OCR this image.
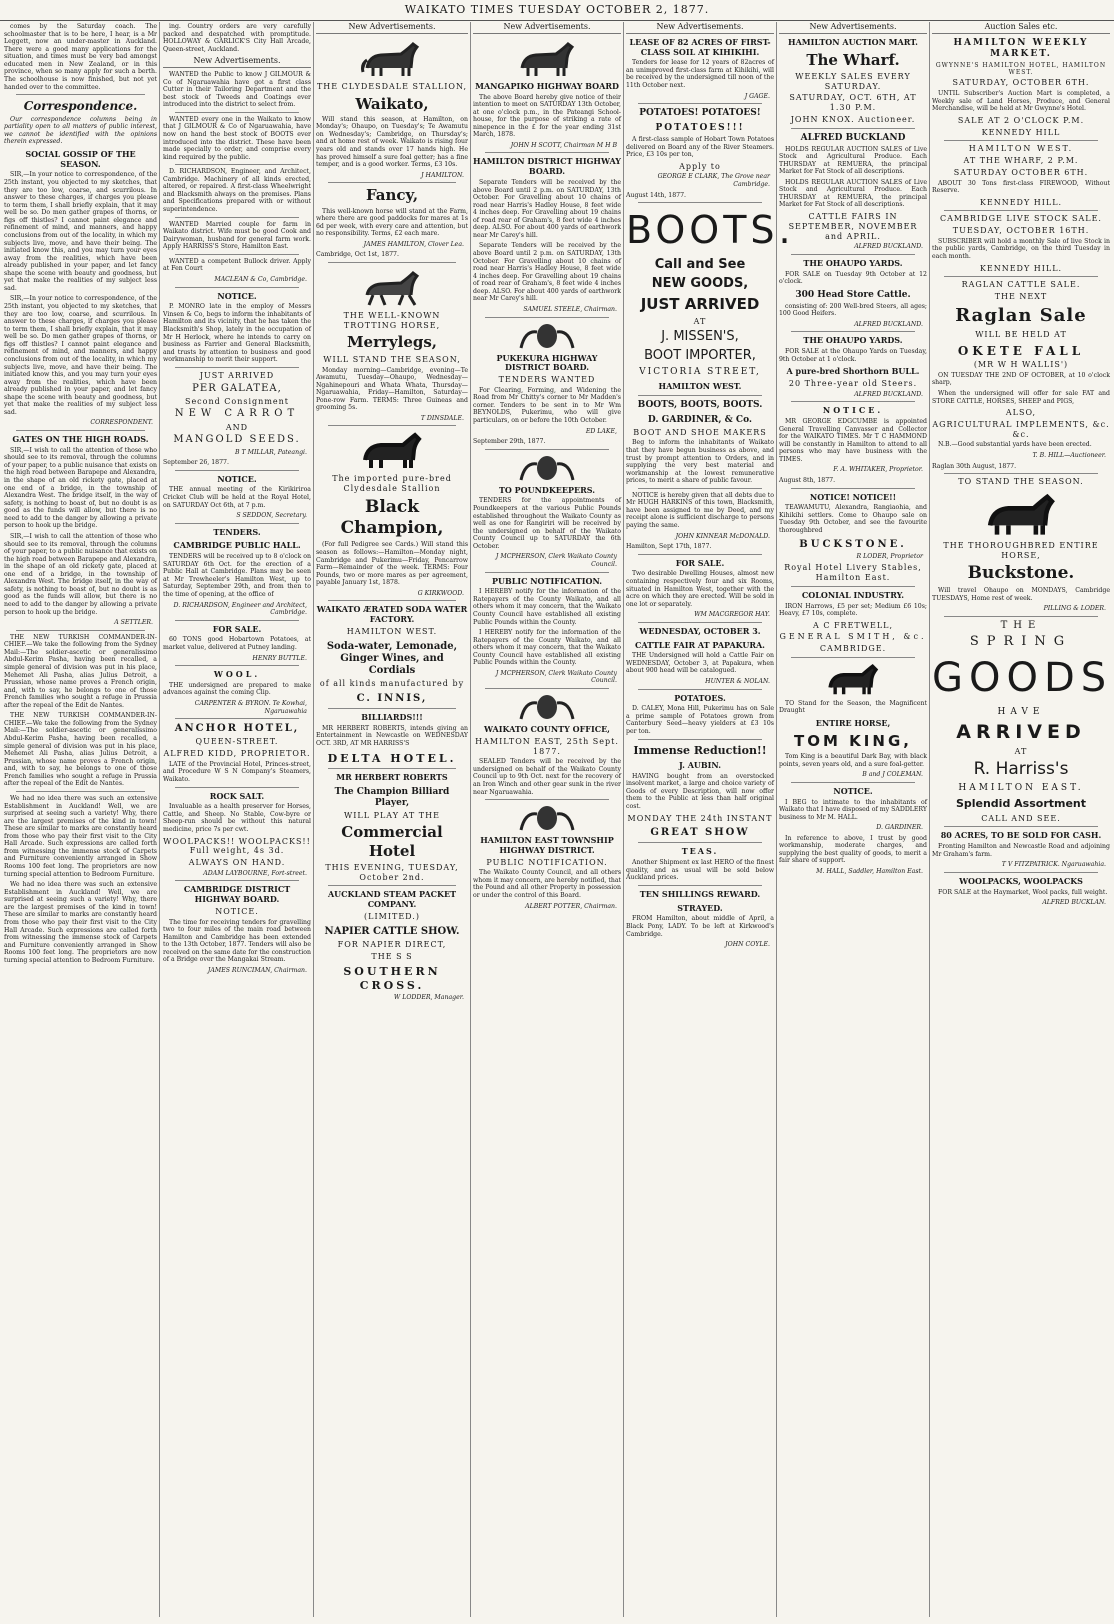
WAIKATO TIMES TUESDAY OCTOBER 2, 1877.

comes by the Saturday coach. The schoolmaster that is to be here, I hear, is a Mr Leggett, now an under-master in Auckland. There were a good many applications for the situation, and times must be very bad amongst educated men in New Zealand, or in this province, when so many apply for such a berth. The schoolhouse is now finished, but not yet handed over to the committee.

Correspondence.

Our correspondence columns being in partiality open to all matters of public interest, we cannot be identified with the opinions therein expressed.

SOCIAL GOSSIP OF THE SEASON.

SIR,—In your notice to correspondence, of the 25th instant, you objected to my sketches, that they are too low, coarse, and scurrilous. In answer to these charges, if charges you please to term them, I shall briefly explain, that it may well be so. Do men gather grapes of thorns, or figs off thistles? I cannot paint elegance and refinement of mind, and manners, and happy conclusions from out of the locality, in which my subjects live, move, and have their being. The initiated know this, and you may turn your eyes away from the realities, which have been already published in your paper, and let fancy shape the scene with beauty and goodness, but yet that make the realities of my subject less sad.

SIR,—In your notice to correspondence, of the 25th instant, you objected to my sketches, that they are too low, coarse, and scurrilous. In answer to these charges, if charges you please to term them, I shall briefly explain, that it may well be so. Do men gather grapes of thorns, or figs off thistles? I cannot paint elegance and refinement of mind, and manners, and happy conclusions from out of the locality, in which my subjects live, move, and have their being. The initiated know this, and you may turn your eyes away from the realities, which have been already published in your paper, and let fancy shape the scene with beauty and goodness, but yet that make the realities of my subject less sad.

CORRESPONDENT.
GATES ON THE HIGH ROADS.

SIR,—I wish to call the attention of those who should see to its removal, through the columns of your paper, to a public nuisance that exists on the high road between Barapepe and Alexandra, in the shape of an old rickety gate, placed at one end of a bridge, in the township of Alexandra West. The bridge itself, in the way of safety, is nothing to boast of, but no doubt is as good as the funds will allow, but there is no need to add to the danger by allowing a private person to hook up the bridge.

SIR,—I wish to call the attention of those who should see to its removal, through the columns of your paper, to a public nuisance that exists on the high road between Barapepe and Alexandra, in the shape of an old rickety gate, placed at one end of a bridge, in the township of Alexandra West. The bridge itself, in the way of safety, is nothing to boast of, but no doubt is as good as the funds will allow, but there is no need to add to the danger by allowing a private person to hook up the bridge.

A SETTLER.

THE NEW TURKISH COMMANDER-IN-CHIEF.—We take the following from the Sydney Mail:—The soldier-ascetic or generalissimo Abdul-Kerim Pasha, having been recalled, a simple general of division was put in his place, Mehemet Ali Pasha, alias Julius Detroit, a Prussian, whose name proves a French origin, and, with to say, he belongs to one of those French families who sought a refuge in Prussia after the repeal of the Edit de Nantes.

THE NEW TURKISH COMMANDER-IN-CHIEF.—We take the following from the Sydney Mail:—The soldier-ascetic or generalissimo Abdul-Kerim Pasha, having been recalled, a simple general of division was put in his place, Mehemet Ali Pasha, alias Julius Detroit, a Prussian, whose name proves a French origin, and, with to say, he belongs to one of those French families who sought a refuge in Prussia after the repeal of the Edit de Nantes.

We had no idea there was such an extensive Establishment in Auckland! Well, we are surprised at seeing such a variety! Why, there are the largest premises of the kind in town! These are similar to marks are constantly heard from those who pay their first visit to the City Hall Arcade. Such expressions are called forth from witnessing the immense stock of Carpets and Furniture conveniently arranged in Show Rooms 100 feet long. The proprietors are now turning special attention to Bedroom Furniture.

We had no idea there was such an extensive Establishment in Auckland! Well, we are surprised at seeing such a variety! Why, there are the largest premises of the kind in town! These are similar to marks are constantly heard from those who pay their first visit to the City Hall Arcade. Such expressions are called forth from witnessing the immense stock of Carpets and Furniture conveniently arranged in Show Rooms 100 feet long. The proprietors are now turning special attention to Bedroom Furniture.

ing. Country orders are very carefully packed and despatched with promptitude. HOLLOWAY & GARLICK'S City Hall Arcade, Queen-street, Auckland.

New Advertisements.

WANTED the Public to know J GILMOUR & Co of Ngaruawahia have got a first class Cutter in their Tailoring Department and the best stock of Tweeds and Coatings ever introduced into the district to select from.

WANTED every one in the Waikato to know that J GILMOUR & Co of Ngaruawahia, have now on hand the best stock of BOOTS ever introduced into the district. These have been made specially to order, and comprise every kind required by the public.

D. RICHARDSON, Engineer, and Architect, Cambridge. Machinery of all kinds erected, altered, or repaired. A first-class Wheelwright and Blacksmith always on the premises. Plans and Specifications prepared with or without superintendence.

WANTED Married couple for farm in Waikato district. Wife must be good Cook and Dairywoman, husband for general farm work. Apply HARRISS'S Store, Hamilton East.

WANTED a competent Bullock driver. Apply at Fen Court

MACLEAN & Co, Cambridge.
NOTICE.

P. MONRO late in the employ of Messrs Vinsen & Co, begs to inform the inhabitants of Hamilton and its vicinity, that he has taken the Blacksmith's Shop, lately in the occupation of Mr H Herlock, where he intends to carry on business as Farrier and General Blacksmith, and trusts by attention to business and good workmanship to merit their support.

JUST ARRIVED
PER GALATEA,
Second Consignment
NEW CARROT
AND
MANGOLD SEEDS.
B T MILLAR, Pateangi.
September 26, 1877.
NOTICE.

THE annual meeting of the Kirikiriroa Cricket Club will be held at the Royal Hotel, on SATURDAY Oct 6th, at 7 p.m.

S SEDDON, Secretary.
TENDERS.
CAMBRIDGE PUBLIC HALL.

TENDERS will be received up to 8 o'clock on SATURDAY 6th Oct. for the erection of a Public Hall at Cambridge. Plans may be seen at Mr Trewheeler's Hamilton West, up to Saturday, September 29th, and from then to the time of opening, at the office of

D. RICHARDSON, Engineer and Architect, Cambridge.
FOR SALE.

60 TONS good Hobartown Potatoes, at market value, delivered at Putney landing.

HENRY BUTTLE.
WOOL.

THE undersigned are prepared to make advances against the coming Clip.

CARPENTER & BYRON. Te Kowhai, Ngaruawahia
ANCHOR HOTEL,
QUEEN-STREET.
ALFRED KIDD, PROPRIETOR.

LATE of the Provincial Hotel, Princes-street, and Procedure W S N Company's Steamers, Waikato.

ROCK SALT.

Invaluable as a health preserver for Horses, Cattle, and Sheep. No Stable, Cow-byre or Sheep-run should be without this natural medicine, price 7s per cwt.

WOOLPACKS!! WOOLPACKS!! Full weight, 4s 3d.
ALWAYS ON HAND.
ADAM LAYBOURNE, Fort-street.
CAMBRIDGE DISTRICT HIGHWAY BOARD.
NOTICE.

The time for receiving tenders for gravelling two to four miles of the main road between Hamilton and Cambridge has been extended to the 13th October, 1877. Tenders will also be received on the same date for the construction of a Bridge over the Mangakai Stream.

JAMES RUNCIMAN, Chairman.
New Advertisements.
THE CLYDESDALE STALLION,
Waikato,

Will stand this season, at Hamilton, on Monday's; Ohaupo, on Tuesday's; Te Awamutu on Wednesday's; Cambridge, on Thursday's; and at home rest of week. Waikato is rising four years old and stands over 17 hands high. He has proved himself a sure foal getter; has a fine temper, and is a good worker. Terms, £3 10s.

J HAMILTON.
Fancy,

This well-known horse will stand at the Farm, where there are good paddocks for mares at 1s 6d per week, with every care and attention, but no responsibility. Terms, £2 each mare.

JAMES HAMILTON, Clover Lea.
Cambridge, Oct 1st, 1877.
THE WELL-KNOWN TROTTING HORSE,
Merrylegs,
WILL STAND THE SEASON,

Monday morning—Cambridge, evening—Te Awamutu, Tuesday—Ohaupo, Wednesday—Ngahinepouri and Whata Whata, Thursday—Ngaruawahia, Friday—Hamilton, Saturday—Pone-row Farm. TERMS: Three Guineas and grooming 5s.

T DINSDALE.
The imported pure-bred Clydesdale Stallion
Black Champion,

(For full Pedigree see Cards.) Will stand this season as follows:—Hamilton—Monday night, Cambridge and Pukerimu—Friday, Pencarrow Farm—Remainder of the week. TERMS: Four Pounds, two or more mares as per agreement, payable January 1st, 1878.

G KIRKWOOD.
WAIKATO ÆRATED SODA WATER FACTORY.
HAMILTON WEST.
Soda-water, Lemonade, Ginger Wines, and Cordials
of all kinds manufactured by
C. INNIS,
BILLIARDS!!!

MR HERBERT ROBERTS, intends giving an Entertainment in Newcastle on WEDNESDAY OCT. 3RD, AT MR HARRISS'S

DELTA HOTEL.
MR HERBERT ROBERTS
The Champion Billiard Player,
WILL PLAY AT THE
Commercial Hotel
THIS EVENING, TUESDAY, October 2nd.
AUCKLAND STEAM PACKET COMPANY.
(LIMITED.)
NAPIER CATTLE SHOW.
FOR NAPIER DIRECT,
THE S S
SOUTHERN CROSS.
W LODDER, Manager.
New Advertisements.
MANGAPIKO HIGHWAY BOARD

The above Board hereby give notice of their intention to meet on SATURDAY 13th October, at one o'clock p.m., in the Pateangi School-house, for the purpose of striking a rate of ninepence in the £ for the year ending 31st March, 1878.

JOHN H SCOTT, Chairman M H B
HAMILTON DISTRICT HIGHWAY BOARD.

Separate Tenders will be received by the above Board until 2 p.m. on SATURDAY, 13th October. For Gravelling about 10 chains of road near Harris's Hadley House, 8 feet wide 4 inches deep. For Gravelling about 19 chains of road rear of Graham's, 8 feet wide 4 inches deep. ALSO. For about 400 yards of earthwork near Mr Carey's hill.

Separate Tenders will be received by the above Board until 2 p.m. on SATURDAY, 13th October. For Gravelling about 10 chains of road near Harris's Hadley House, 8 feet wide 4 inches deep. For Gravelling about 19 chains of road rear of Graham's, 8 feet wide 4 inches deep. ALSO. For about 400 yards of earthwork near Mr Carey's hill.

SAMUEL STEELE, Chairman.
PUKEKURA HIGHWAY DISTRICT BOARD.
TENDERS WANTED

For Clearing, Forming, and Widening the Road from Mr Chitty's corner to Mr Madden's corner. Tenders to be sent in to Mr Wm BEYNOLDS, Pukerimu, who will give particulars, on or before the 10th October.

ED LAKE,
September 29th, 1877.
TO POUNDKEEPERS.

TENDERS for the appointments of Poundkeepers at the various Public Pounds established throughout the Waikato County as well as one for Rangiriri will be received by the undersigned on behalf of the Waikato County Council up to SATURDAY the 6th October.

J MCPHERSON, Clerk Waikato County Council.
PUBLIC NOTIFICATION.

I HEREBY notify for the information of the Ratepayers of the County Waikato, and all others whom it may concern, that the Waikato County Council have established all existing Public Pounds within the County.

I HEREBY notify for the information of the Ratepayers of the County Waikato, and all others whom it may concern, that the Waikato County Council have established all existing Public Pounds within the County.

J MCPHERSON, Clerk Waikato County Council.
WAIKATO COUNTY OFFICE,
HAMILTON EAST, 25th Sept. 1877.

SEALED Tenders will be received by the undersigned on behalf of the Waikato County Council up to 9th Oct. next for the recovery of an Iron Winch and other gear sunk in the river near Ngaruawahia.

HAMILTON EAST TOWNSHIP HIGHWAY DISTRICT.
PUBLIC NOTIFICATION.

The Waikato County Council, and all others whom it may concern, are hereby notified, that the Pound and all other Property in possession or under the control of this Board.

ALBERT POTTER, Chairman.
New Advertisements.
LEASE OF 82 ACRES OF FIRST-CLASS SOIL AT KIHIKIHI.

Tenders for lease for 12 years of 82acres of an unimproved first-class farm at Kihikihi, will be received by the undersigned till noon of the 11th October next.

J GAGE.
POTATOES! POTATOES!
POTATOES!!!

A first-class sample of Hobart Town Potatoes delivered on Board any of the River Steamers. Price, £3 10s per ton,

Apply to
GEORGE E CLARK, The Grove near Cambridge.
August 14th, 1877.
BOOTS.
Call and See
NEW GOODS,
JUST ARRIVED
AT
J. MISSEN'S,
BOOT IMPORTER,
VICTORIA STREET,
HAMILTON WEST.
BOOTS, BOOTS, BOOTS.
D. GARDINER, & Co.
BOOT AND SHOE MAKERS

Beg to inform the inhabitants of Waikato that they have begun business as above, and trust by prompt attention to Orders, and in supplying the very best material and workmanship at the lowest remunerative prices, to merit a share of public favour.

NOTICE is hereby given that all debts due to Mr HUGH HARKINS of this town, Blacksmith, have been assigned to me by Deed, and my receipt alone is sufficient discharge to persons paying the same.

JOHN KINNEAR McDONALD.
Hamilton, Sept 17th, 1877.
FOR SALE.

Two desirable Dwelling Houses, almost new containing respectively four and six Rooms, situated in Hamilton West, together with the acre on which they are erected. Will be sold in one lot or separately.

WM MACGREGOR HAY.
WEDNESDAY, OCTOBER 3.
CATTLE FAIR AT PAPAKURA.

THE Undersigned will hold a Cattle Fair on WEDNESDAY, October 3, at Papakura, when about 900 head will be catalogued.

HUNTER & NOLAN.
POTATOES.

D. CALEY, Mona Hill, Pukerimu has on Sale a prime sample of Potatoes grown from Canterbury Seed—heavy yielders at £3 10s per ton.

Immense Reduction!!
J. AUBIN.

HAVING bought from an overstocked insolvent market, a large and choice variety of Goods of every Description, will now offer them to the Public at less than half original cost.

MONDAY THE 24th INSTANT
GREAT SHOW
TEAS.

Another Shipment ex last HERO of the finest quality, and as usual will be sold below Auckland prices.

TEN SHILLINGS REWARD.
STRAYED.

FROM Hamilton, about middle of April, a Black Pony, LADY. To be left at Kirkwood's Cambridge.

JOHN COYLE.
New Advertisements.
HAMILTON AUCTION MART.
The Wharf.
WEEKLY SALES EVERY SATURDAY.
SATURDAY, OCT. 6TH, AT 1.30 P.M.
JOHN KNOX. Auctioneer.
ALFRED BUCKLAND

HOLDS REGULAR AUCTION SALES of Live Stock and Agricultural Produce. Each THURSDAY at REMUERA, the principal Market for Fat Stock of all descriptions.

HOLDS REGULAR AUCTION SALES of Live Stock and Agricultural Produce. Each THURSDAY at REMUERA, the principal Market for Fat Stock of all descriptions.

CATTLE FAIRS IN SEPTEMBER, NOVEMBER and APRIL.
ALFRED BUCKLAND.
THE OHAUPO YARDS.

FOR SALE on Tuesday 9th October at 12 o'clock.

300 Head Store Cattle.

consisting of: 200 Well-bred Steers, all ages; 100 Good Heifers.

ALFRED BUCKLAND.
THE OHAUPO YARDS.

FOR SALE at the Ohaupo Yards on Tuesday, 9th October at 1 o'clock.

A pure-bred Shorthorn BULL.
20 Three-year old Steers.
ALFRED BUCKLAND.
NOTICE.

MR GEORGE EDGCUMBE is appointed General Travelling Canvasser and Collector for the WAIKATO TIMES. Mr T C HAMMOND will be constantly in Hamilton to attend to all persons who may have business with the TIMES.

F. A. WHITAKER, Proprietor.
August 8th, 1877.
NOTICE! NOTICE!!

TEAWAMUTU, Alexandra, Rangiaohia, and Kihikihi settlers. Come to Ohaupo sale on Tuesday 9th October, and see the favourite thoroughbred

BUCKSTONE.
R LODER, Proprietor
Royal Hotel Livery Stables, Hamilton East.
COLONIAL INDUSTRY.

IRON Harrows, £5 per set; Medium £6 10s; Heavy, £7 10s, complete.

A C FRETWELL,
GENERAL SMITH, &c.
CAMBRIDGE.

TO Stand for the Season, the Magnificent Draught

ENTIRE HORSE,
TOM KING,

Tom King is a beautiful Dark Bay, with black points, seven years old, and a sure foal-getter.

B and J COLEMAN.
NOTICE.

I BEG to intimate to the inhabitants of Waikato that I have disposed of my SADDLERY business to Mr M. HALL.

D. GARDINER.

In reference to above, I trust by good workmanship, moderate charges, and supplying the best quality of goods, to merit a fair share of support.

M. HALL, Saddler, Hamilton East.
Auction Sales etc.
HAMILTON WEEKLY MARKET.
GWYNNE'S HAMILTON HOTEL, HAMILTON WEST.
SATURDAY, OCTOBER 6TH.

UNTIL Subscriber's Auction Mart is completed, a Weekly sale of Land Horses, Produce, and General Merchandise, will be held at Mr Gwynne's Hotel.

SALE AT 2 O'CLOCK P.M.
KENNEDY HILL
HAMILTON WEST.
AT THE WHARF, 2 P.M.
SATURDAY OCTOBER 6TH.

ABOUT 30 Tons first-class FIREWOOD, Without Reserve.

KENNEDY HILL.
CAMBRIDGE LIVE STOCK SALE.
TUESDAY, OCTOBER 16TH.

SUBSCRIBER will hold a monthly Sale of live Stock in the public yards, Cambridge, on the third Tuesday in each month.

KENNEDY HILL.
RAGLAN CATTLE SALE.
THE NEXT
Raglan Sale
WILL BE HELD AT
OKETE FALL
(MR W H WALLIS')

ON TUESDAY THE 2ND OF OCTOBER, at 10 o'clock sharp,

When the undersigned will offer for sale FAT and STORE CATTLE, HORSES, SHEEP and PIGS,

ALSO,
AGRICULTURAL IMPLEMENTS, &c. &c.

N.B.—Good substantial yards have been erected.

T. B. HILL—Auctioneer.
Raglan 30th August, 1877.
TO STAND THE SEASON.
THE THOROUGHBRED ENTIRE HORSE,
Buckstone.

Will travel Ohaupo on MONDAYS, Cambridge TUESDAYS, Home rest of week.

PILLING & LODER.
THE
SPRING
GOODS
HAVE
ARRIVED
AT
R. Harriss's
HAMILTON EAST.
Splendid Assortment
CALL AND SEE.
80 ACRES, TO BE SOLD FOR CASH.

Fronting Hamilton and Newcastle Road and adjoining Mr Graham's farm.

T V FITZPATRICK. Ngaruawahia.
WOOLPACKS, WOOLPACKS

FOR SALE at the Haymarket, Wool packs, full weight.

ALFRED BUCKLAN.
